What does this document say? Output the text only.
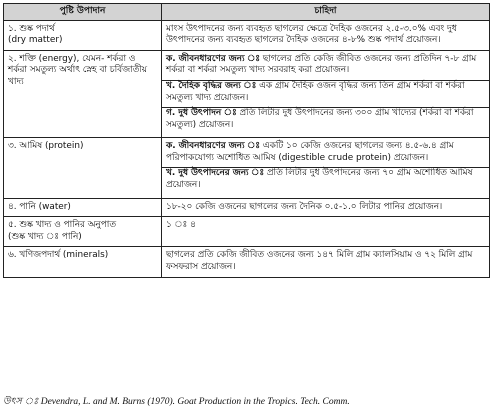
পুষ্টি উপাদান	চাহিদা
১. শুষ্ক পদার্থ
(dry matter)	মাংস উৎপাদনের জন্য ব্যবহৃত ছাগলের ক্ষেত্রে দৈহিক ওজনের ২.৫-৩.০% এবং দুধ উৎপাদনের জন্য ব্যবহৃত ছাগলের দৈহিক ওজনের ৪-৮% শুষ্ক পদার্থ প্রয়োজন।
২. শক্তি (energy), যেমন- শর্করা ও শর্করা সমতুল্য অর্থাৎ স্নেহ বা চর্বিজাতীয় খাদ্য	ক. জীবনধারণের জন্য ঃ ছাগলের প্রতি কেজি জীবিত ওজনের জন্য প্রতিদিন ৭-৮ গ্রাম শর্করা বা শর্করা সমতুল্য খাদ্য সরবরাহ করা প্রয়োজন।
খ. দৈহিক বৃদ্ধির জন্য ঃ এক গ্রাম দৈহিক ওজন বৃদ্ধির জন্য তিন গ্রাম শর্করা বা শর্করা সমতুল্য খাদ্য প্রয়োজন।
গ. দুধ উৎপাদন ঃ প্রতি লিটার দুধ উৎপাদনের জন্য ৩০০ গ্রাম খাদ্যের (শর্করা বা শর্করা সমতুল্য) প্রয়োজন।

৩. আমিষ (protein)	ক. জীবনধারণের জন্য ঃ একটি ১০ কেজি ওজনের ছাগলের জন্য ৪.৫-৬.৪ গ্রাম পরিপাকযোগ্য অশোধিত আমিষ (digestible crude protein) প্রয়োজন।
খ. দুধ উৎপাদনের জন্য ঃ প্রতি লিটার দুধ উৎপাদনের জন্য ৭০ গ্রাম অশোধিত আমিষ প্রয়োজন।

৪. পানি (water)	১৮-২০ কেজি ওজনের ছাগলের জন্য দৈনিক ০.৫-১.০ লিটার পানির প্রয়োজন।
৫. শুষ্ক খাদ্য ও পানির অনুপাত
(শুষ্ক খাদ্য ঃ পানি)	১ ঃ ৪
৬. খণিজপদার্থ (minerals)	ছাগলের প্রতি কেজি জীবিত ওজনের জন্য ১৪৭ মিলি গ্রাম ক্যালসিয়াম ও ৭২ মিলি গ্রাম ফসফরাস প্রয়োজন।
উৎস ঃ Devendra, L. and M. Burns (1970). Goat Production in the Tropics. Tech. Comm.
